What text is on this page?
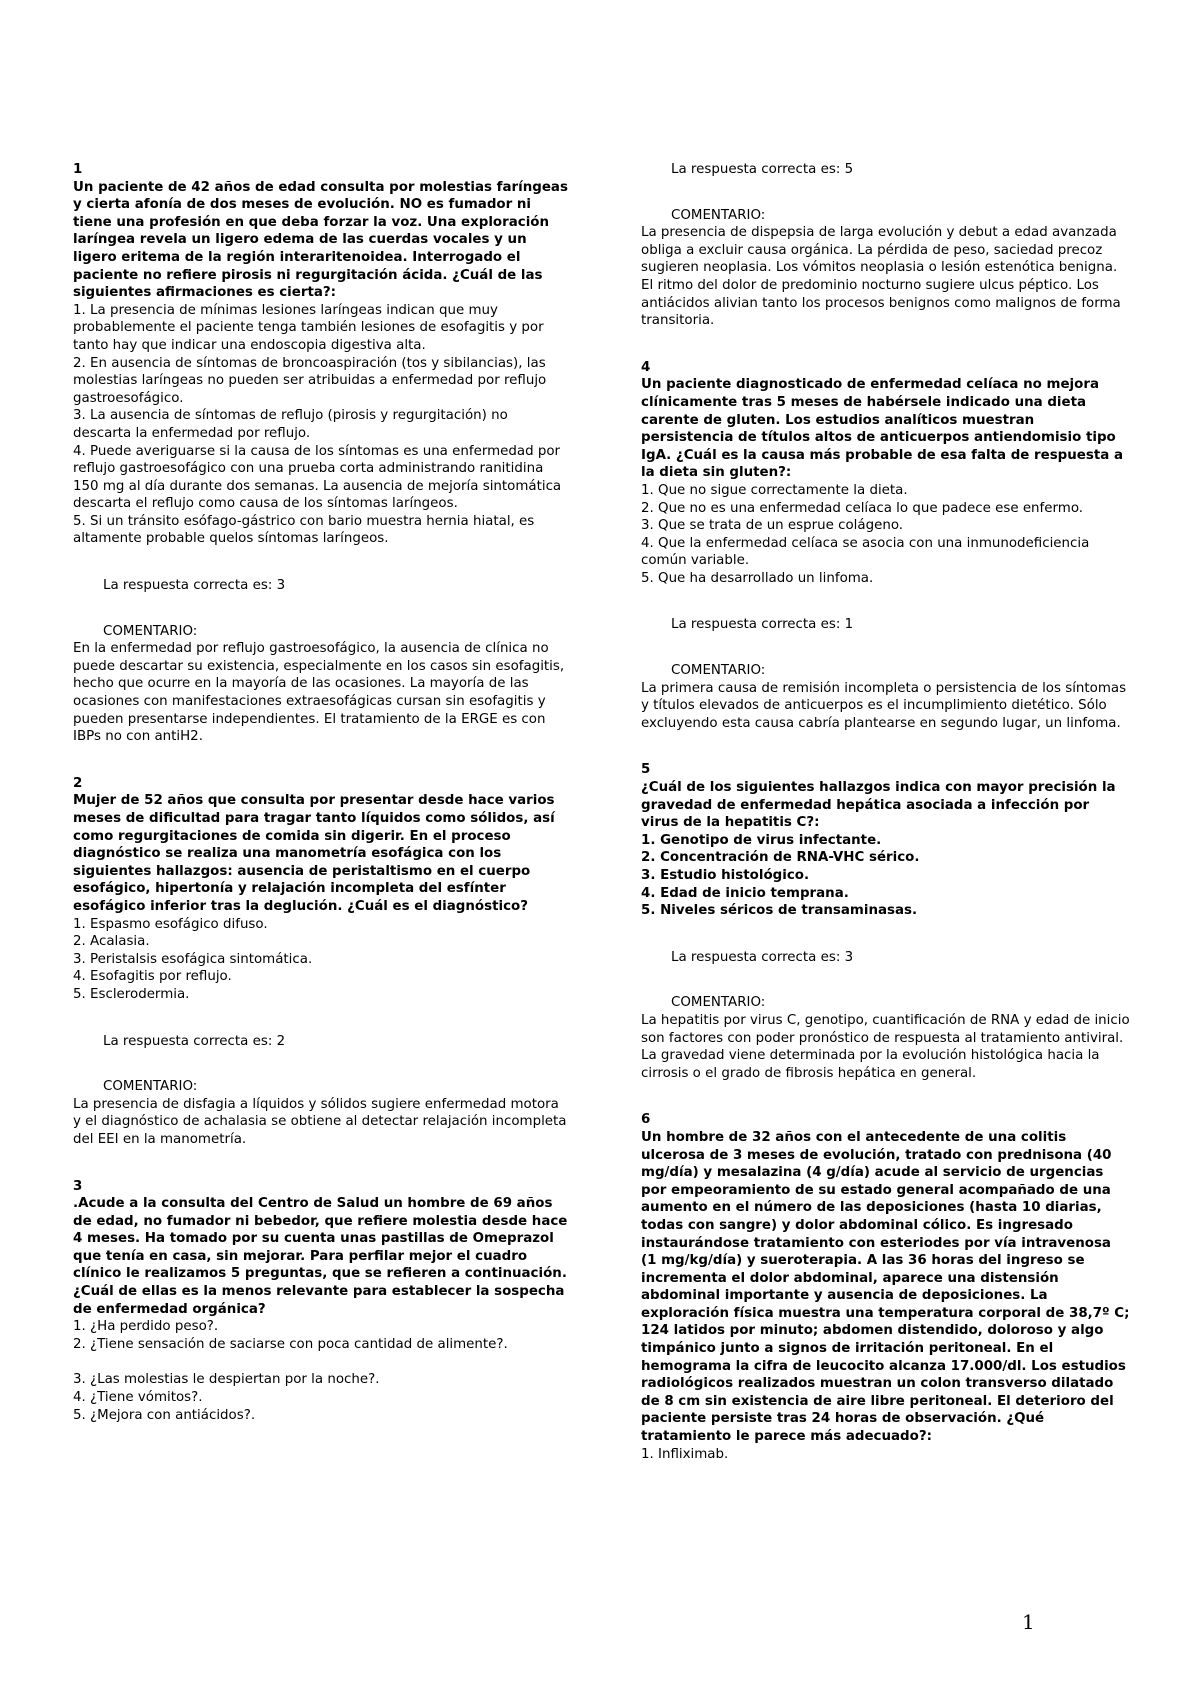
1
Un paciente de 42 años de edad consulta por molestias faríngeas y cierta afonía de dos meses de evolución. NO es fumador ni tiene una profesión en que deba forzar la voz. Una exploración laríngea revela un ligero edema de las cuerdas vocales y un ligero eritema de la región interaritenoidea. Interrogado el paciente no refiere pirosis ni regurgitación ácida. ¿Cuál de las siguientes afirmaciones es cierta?:
1. La presencia de mínimas lesiones laríngeas indican que muy probablemente el paciente tenga también lesiones de esofagitis y por tanto hay que indicar una endoscopia digestiva alta.
2. En ausencia de síntomas de broncoaspiración (tos y sibilancias), las molestias laríngeas no pueden ser atribuidas a enfermedad por reflujo gastroesofágico.
3. La ausencia de síntomas de reflujo (pirosis y regurgitación) no descarta la enfermedad por reflujo.
4. Puede averiguarse si la causa de los síntomas es una enfermedad por reflujo gastroesofágico con una prueba corta administrando ranitidina 150 mg al día durante dos semanas. La ausencia de mejoría sintomática descarta el reflujo como causa de los síntomas laríngeos.
5. Si un tránsito esófago-gástrico con bario muestra hernia hiatal, es altamente probable quelos síntomas laríngeos.
La respuesta correcta es: 3
COMENTARIO:
En la enfermedad por reflujo gastroesofágico, la ausencia de clínica no puede descartar su existencia, especialmente en los casos sin esofagitis, hecho que ocurre en la mayoría de las ocasiones. La mayoría de las ocasiones con manifestaciones extraesofágicas cursan sin esofagitis y pueden presentarse independientes. El tratamiento de la ERGE es con IBPs no con antiH2.
2
Mujer de 52 años que consulta por presentar desde hace varios meses de dificultad para tragar tanto líquidos como sólidos, así como regurgitaciones de comida sin digerir. En el proceso diagnóstico se realiza una manometría esofágica con los siguientes hallazgos: ausencia de peristaltismo en el cuerpo esofágico, hipertonía y relajación incompleta del esfínter esofágico inferior tras la deglución. ¿Cuál es el diagnóstico?
1. Espasmo esofágico difuso.
2. Acalasia.
3. Peristalsis esofágica sintomática.
4. Esofagitis por reflujo.
5. Esclerodermia.
La respuesta correcta es: 2
COMENTARIO:
La presencia de disfagia a líquidos y sólidos sugiere enfermedad motora y el diagnóstico de achalasia se obtiene al detectar relajación incompleta del EEI en la manometría.
3
.Acude a la consulta del Centro de Salud un hombre de 69 años de edad, no fumador ni bebedor, que refiere molestia desde hace 4 meses. Ha tomado por su cuenta unas pastillas de Omeprazol que tenía en casa, sin mejorar. Para perfilar mejor el cuadro clínico le realizamos 5 preguntas, que se refieren a continuación. ¿Cuál de ellas es la menos relevante para establecer la sospecha de enfermedad orgánica?
1. ¿Ha perdido peso?.
2. ¿Tiene sensación de saciarse con poca cantidad de alimente?.
3. ¿Las molestias le despiertan por la noche?.
4. ¿Tiene vómitos?.
5. ¿Mejora con antiácidos?.
La respuesta correcta es: 5
COMENTARIO:
La presencia de dispepsia de larga evolución y debut a edad avanzada obliga a excluir causa orgánica. La pérdida de peso, saciedad precoz sugieren neoplasia. Los vómitos neoplasia o lesión estenótica benigna. El ritmo del dolor de predominio nocturno sugiere ulcus péptico. Los antiácidos alivian tanto los procesos benignos como malignos de forma transitoria.
4
Un paciente diagnosticado de enfermedad celíaca no mejora clínicamente tras 5 meses de habérsele indicado una dieta carente de gluten. Los estudios analíticos muestran persistencia de títulos altos de anticuerpos antiendomisio tipo IgA. ¿Cuál es la causa más probable de esa falta de respuesta a la dieta sin gluten?:
1. Que no sigue correctamente la dieta.
2. Que no es una enfermedad celíaca lo que padece ese enfermo.
3. Que se trata de un esprue colágeno.
4. Que la enfermedad celíaca se asocia con una inmunodeficiencia común variable.
5. Que ha desarrollado un linfoma.
La respuesta correcta es: 1
COMENTARIO:
La primera causa de remisión incompleta o persistencia de los síntomas y títulos elevados de anticuerpos es el incumplimiento dietético. Sólo excluyendo esta causa cabría plantearse en segundo lugar, un linfoma.
5
¿Cuál de los siguientes hallazgos indica con mayor precisión la gravedad de enfermedad hepática asociada a infección por virus de la hepatitis C?:
1. Genotipo de virus infectante.
2. Concentración de RNA-VHC sérico.
3. Estudio histológico.
4. Edad de inicio temprana.
5. Niveles séricos de transaminasas.
La respuesta correcta es: 3
COMENTARIO:
La hepatitis por virus C, genotipo, cuantificación de RNA y edad de inicio son factores con poder pronóstico de respuesta al tratamiento antiviral. La gravedad viene determinada por la evolución histológica hacia la cirrosis o el grado de fibrosis hepática en general.
6
Un hombre de 32 años con el antecedente de una colitis ulcerosa de 3 meses de evolución, tratado con prednisona (40 mg/día) y mesalazina (4 g/día) acude al servicio de urgencias por empeoramiento de su estado general acompañado de una aumento en el número de las deposiciones (hasta 10 diarias, todas con sangre) y dolor abdominal cólico. Es ingresado instaurándose tratamiento con esteriodes por vía intravenosa (1 mg/kg/día) y sueroterapia. A las 36 horas del ingreso se incrementa el dolor abdominal, aparece una distensión abdominal importante y ausencia de deposiciones. La exploración física muestra una temperatura corporal de 38,7º C; 124 latidos por minuto; abdomen distendido, doloroso y algo timpánico junto a signos de irritación peritoneal. En el hemograma la cifra de leucocito alcanza 17.000/dl. Los estudios radiológicos realizados muestran un colon transverso dilatado de 8 cm sin existencia de aire libre peritoneal. El deterioro del paciente persiste tras 24 horas de observación. ¿Qué tratamiento le parece más adecuado?:
1. Infliximab.
1
